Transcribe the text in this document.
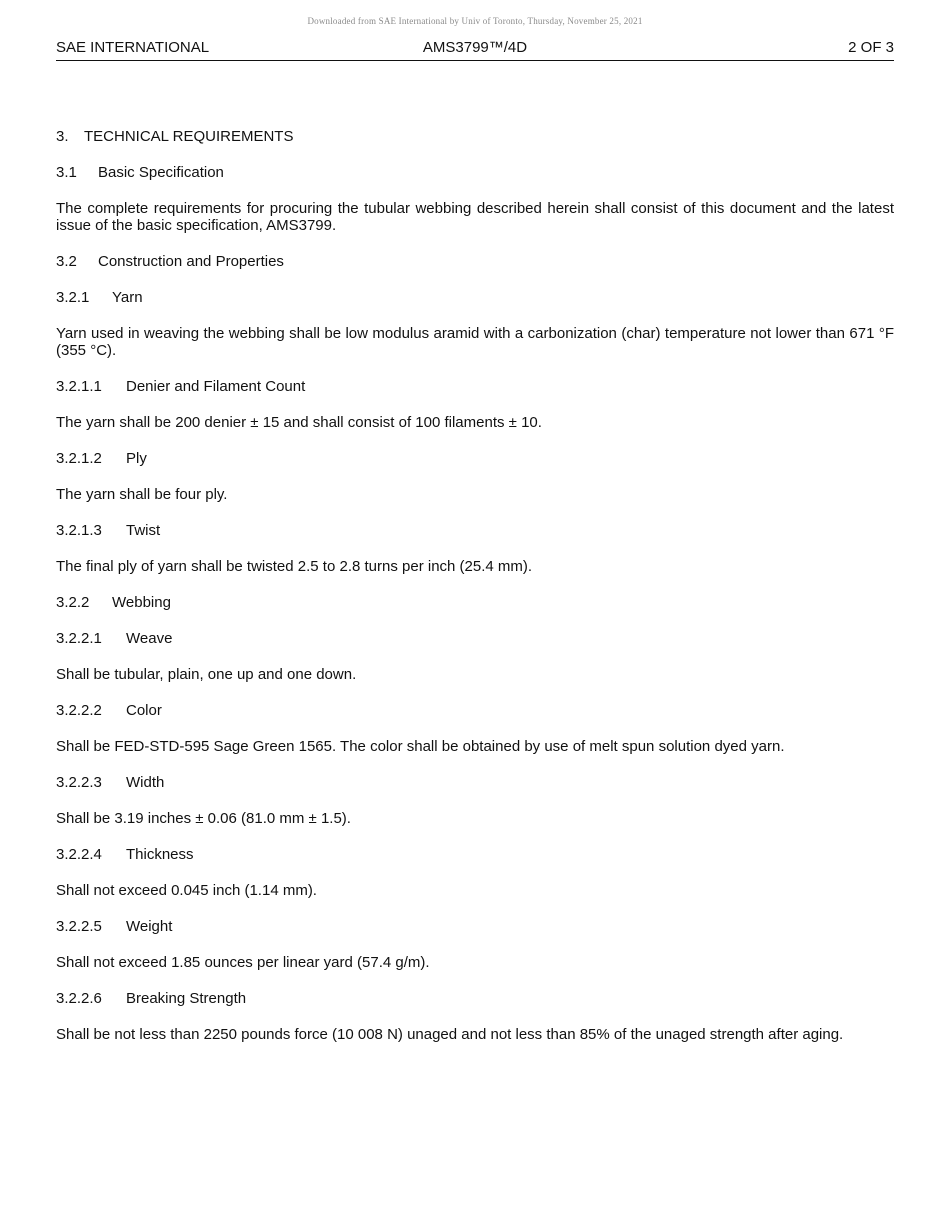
Downloaded from SAE International by Univ of Toronto, Thursday, November 25, 2021
AMS3799™/4D
SAE INTERNATIONAL	2 OF 3
3.	TECHNICAL REQUIREMENTS
3.1	Basic Specification
The complete requirements for procuring the tubular webbing described herein shall consist of this document and the latest issue of the basic specification, AMS3799.
3.2	Construction and Properties
3.2.1	Yarn
Yarn used in weaving the webbing shall be low modulus aramid with a carbonization (char) temperature not lower than 671 °F (355 °C).
3.2.1.1	Denier and Filament Count
The yarn shall be 200 denier ± 15 and shall consist of 100 filaments ± 10.
3.2.1.2	Ply
The yarn shall be four ply.
3.2.1.3	Twist
The final ply of yarn shall be twisted 2.5 to 2.8 turns per inch (25.4 mm).
3.2.2	Webbing
3.2.2.1	Weave
Shall be tubular, plain, one up and one down.
3.2.2.2	Color
Shall be FED-STD-595 Sage Green 1565. The color shall be obtained by use of melt spun solution dyed yarn.
3.2.2.3	Width
Shall be 3.19 inches ± 0.06 (81.0 mm ± 1.5).
3.2.2.4	Thickness
Shall not exceed 0.045 inch (1.14 mm).
3.2.2.5	Weight
Shall not exceed 1.85 ounces per linear yard (57.4 g/m).
3.2.2.6	Breaking Strength
Shall be not less than 2250 pounds force (10 008 N) unaged and not less than 85% of the unaged strength after aging.
